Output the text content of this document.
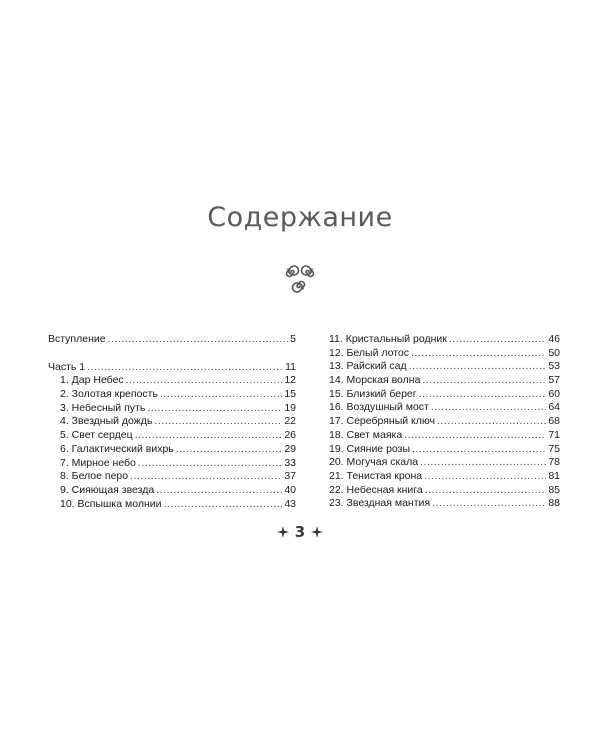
Содержание
Вступление . . .	5
Часть 1 . . .	11
1. Дар Небес . . .	12
2. Золотая крепость . . .	15
3. Небесный путь . . .	19
4. Звездный дождь . . .	22
5. Свет сердец . . .	26
6. Галактический вихрь . . .	29
7. Мирное небо . . .	33
8. Белое перо . . .	37
9. Сияющая звезда . . .	40
10. Вспышка молнии . . .	43
11. Кристальный родник . . .	46
12. Белый лотос . . .	50
13. Райский сад . . .	53
14. Морская волна . . .	57
15. Близкий берег . . .	60
16. Воздушный мост . . .	64
17. Серебряный ключ . . .	68
18. Свет маяка . . .	71
19. Сияние розы . . .	75
20. Могучая скала . . .	78
21. Тенистая крона . . .	81
22. Небесная книга . . .	85
23. Звездная мантия . . .	88
3
